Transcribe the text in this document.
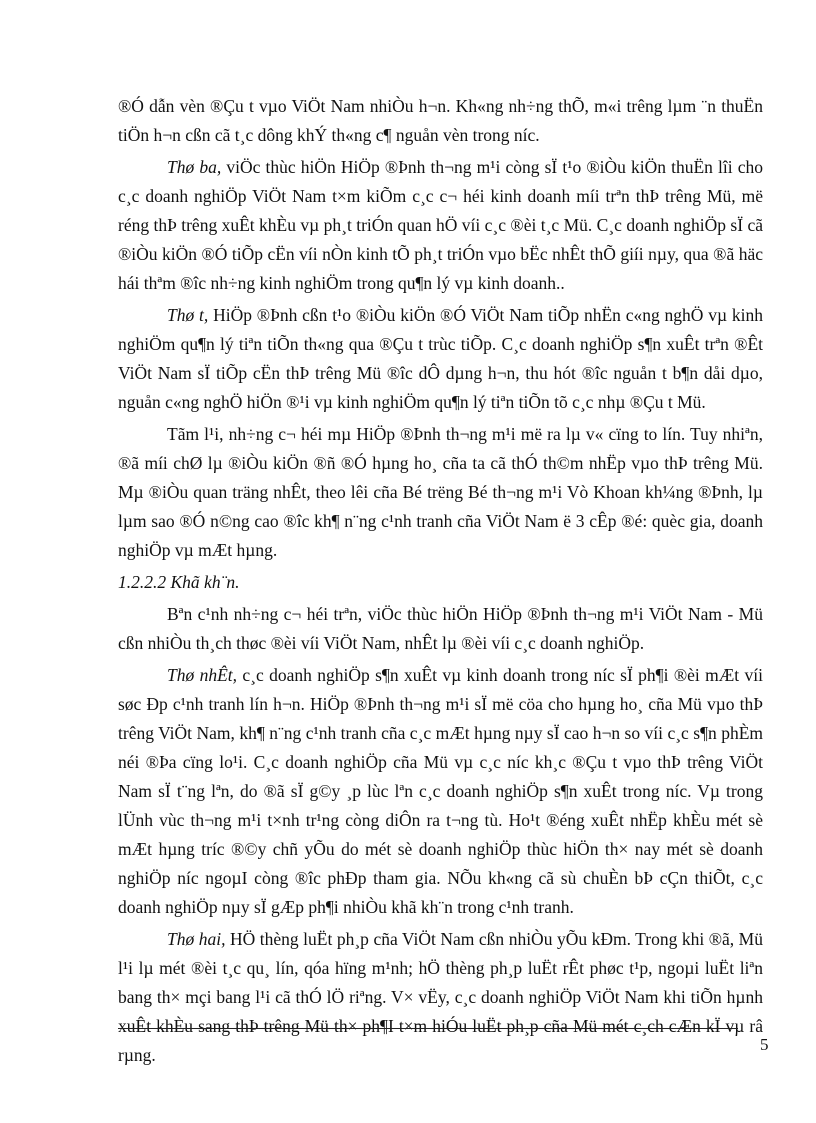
®Ó dẫn vèn ®Çu t vµo ViÖt Nam nhiÒu h¬n. Kh«ng nh÷ng thÕ, m«i trêng lµm ¨n thuËn tiÖn h¬n cßn cã t¸c dông khÝ th«ng c¶ nguån vèn trong níc.

Thø ba, viÖc thùc hiÖn HiÖp ®Þnh th¬ng m¹i còng sÏ t¹o ®iÒu kiÖn thuËn lîi cho c¸c doanh nghiÖp ViÖt Nam t×m kiÕm c¸c c¬ héi kinh doanh míi trªn thÞ trêng Mü, më réng thÞ trêng xuÊt khÈu vµ ph¸t triÓn quan hÖ víi c¸c ®èi t¸c Mü. C¸c doanh nghiÖp sÏ cã ®iÒu kiÖn ®Ó tiÕp cËn víi nÒn kinh tÕ ph¸t triÓn vµo bËc nhÊt thÕ giíi nµy, qua ®ã häc hái thªm ®îc nh÷ng kinh nghiÖm trong qu¶n lý vµ kinh doanh..

Thø t, HiÖp ®Þnh cßn t¹o ®iÒu kiÖn ®Ó ViÖt Nam tiÕp nhËn c«ng nghÖ vµ kinh nghiÖm qu¶n lý tiªn tiÕn th«ng qua ®Çu t trùc tiÕp. C¸c doanh nghiÖp s¶n xuÊt trªn ®Êt ViÖt Nam sÏ tiÕp cËn thÞ trêng Mü ®îc dÔ dµng h¬n, thu hót ®îc nguån t b¶n dåi dµo, nguån c«ng nghÖ hiÖn ®¹i vµ kinh nghiÖm qu¶n lý tiªn tiÕn tõ c¸c nhµ ®Çu t Mü.

Tãm l¹i, nh÷ng c¬ héi mµ HiÖp ®Þnh th¬ng m¹i më ra lµ v« cïng to lín. Tuy nhiªn, ®ã míi chØ lµ ®iÒu kiÖn ®ñ ®Ó hµng ho¸ cña ta cã thÓ th©m nhËp vµo thÞ trêng Mü. Mµ ®iÒu quan träng nhÊt, theo lêi cña Bé trëng Bé th¬ng m¹i Vò Khoan kh¼ng ®Þnh, lµ lµm sao ®Ó n©ng cao ®îc kh¶ n¨ng c¹nh tranh cña ViÖt Nam ë 3 cÊp ®é: quèc gia, doanh nghiÖp vµ mÆt hµng.

1.2.2.2 Khã kh¨n.

Bªn c¹nh nh÷ng c¬ héi trªn, viÖc thùc hiÖn HiÖp ®Þnh th¬ng m¹i ViÖt Nam - Mü cßn nhiÒu th¸ch thøc ®èi víi ViÖt Nam, nhÊt lµ ®èi víi c¸c doanh nghiÖp.

Thø nhÊt, c¸c doanh nghiÖp s¶n xuÊt vµ kinh doanh trong níc sÏ ph¶i ®èi mÆt víi søc Ðp c¹nh tranh lín h¬n. HiÖp ®Þnh th¬ng m¹i sÏ më cöa cho hµng ho¸ cña Mü vµo thÞ trêng ViÖt Nam, kh¶ n¨ng c¹nh tranh cña c¸c mÆt hµng nµy sÏ cao h¬n so víi c¸c s¶n phÈm néi ®Þa cïng lo¹i. C¸c doanh nghiÖp cña Mü vµ c¸c níc kh¸c ®Çu t vµo thÞ trêng ViÖt Nam sÏ t¨ng lªn, do ®ã sÏ g©y ¸p lùc lªn c¸c doanh nghiÖp s¶n xuÊt trong níc. Vµ trong lÜnh vùc th¬ng m¹i t×nh tr¹ng còng diÔn ra t¬ng tù. Ho¹t ®éng xuÊt nhËp khÈu mét sè mÆt hµng tríc ®©y chñ yÕu do mét sè doanh nghiÖp thùc hiÖn th× nay mét sè doanh nghiÖp níc ngoµI còng ®îc phÐp tham gia. NÕu kh«ng cã sù chuÈn bÞ cÇn thiÕt, c¸c doanh nghiÖp nµy sÏ gÆp ph¶i nhiÒu khã kh¨n trong c¹nh tranh.

Thø hai, HÖ thèng luËt ph¸p cña ViÖt Nam cßn nhiÒu yÕu kÐm. Trong khi ®ã, Mü l¹i lµ mét ®èi t¸c qu¸ lín, qóa hïng m¹nh; hÖ thèng ph¸p luËt rÊt phøc t¹p, ngoµi luËt liªn bang th× mçi bang l¹i cã thÓ lÖ riªng. V× vËy, c¸c doanh nghiÖp ViÖt Nam khi tiÕn hµnh xuÊt khÈu sang thÞ trêng Mü th× ph¶I t×m hiÓu luËt ph¸p cña Mü mét c¸ch cÆn kÏ vµ râ rµng.

5
